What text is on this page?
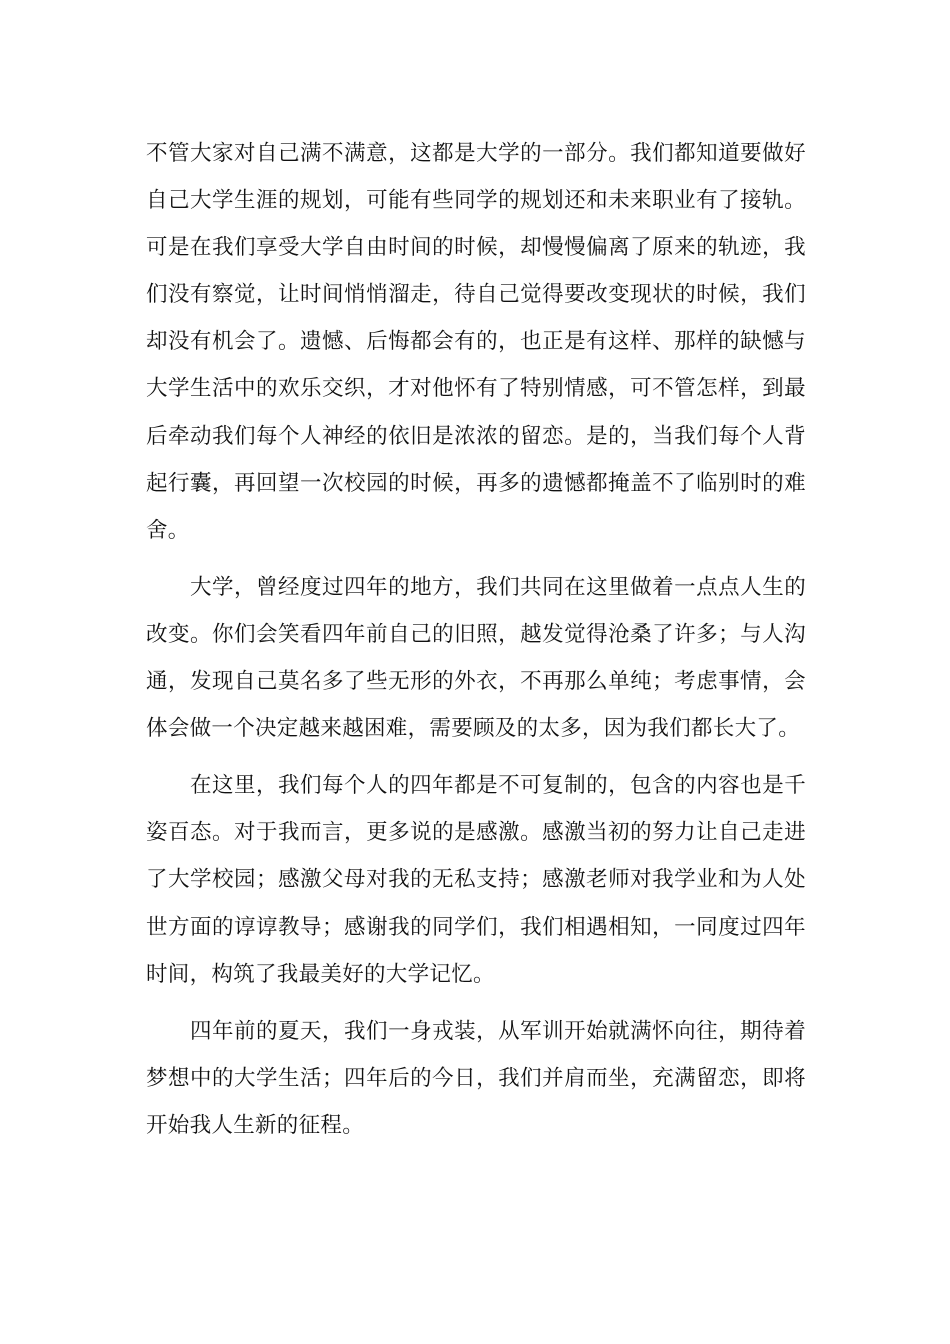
不管大家对自己满不满意，这都是大学的一部分。我们都知道要做好自己大学生涯的规划，可能有些同学的规划还和未来职业有了接轨。可是在我们享受大学自由时间的时候，却慢慢偏离了原来的轨迹，我们没有察觉，让时间悄悄溜走，待自己觉得要改变现状的时候，我们却没有机会了。遗憾、后悔都会有的，也正是有这样、那样的缺憾与大学生活中的欢乐交织，才对他怀有了特别情感，可不管怎样，到最后牵动我们每个人神经的依旧是浓浓的留恋。是的，当我们每个人背起行囊，再回望一次校园的时候，再多的遗憾都掩盖不了临别时的难舍。

大学，曾经度过四年的地方，我们共同在这里做着一点点人生的改变。你们会笑看四年前自己的旧照，越发觉得沧桑了许多；与人沟通，发现自己莫名多了些无形的外衣，不再那么单纯；考虑事情，会体会做一个决定越来越困难，需要顾及的太多，因为我们都长大了。

在这里，我们每个人的四年都是不可复制的，包含的内容也是千姿百态。对于我而言，更多说的是感激。感激当初的努力让自己走进了大学校园；感激父母对我的无私支持；感激老师对我学业和为人处世方面的谆谆教导；感谢我的同学们，我们相遇相知，一同度过四年时间，构筑了我最美好的大学记忆。

四年前的夏天，我们一身戎装，从军训开始就满怀向往，期待着梦想中的大学生活；四年后的今日，我们并肩而坐，充满留恋，即将开始我人生新的征程。
